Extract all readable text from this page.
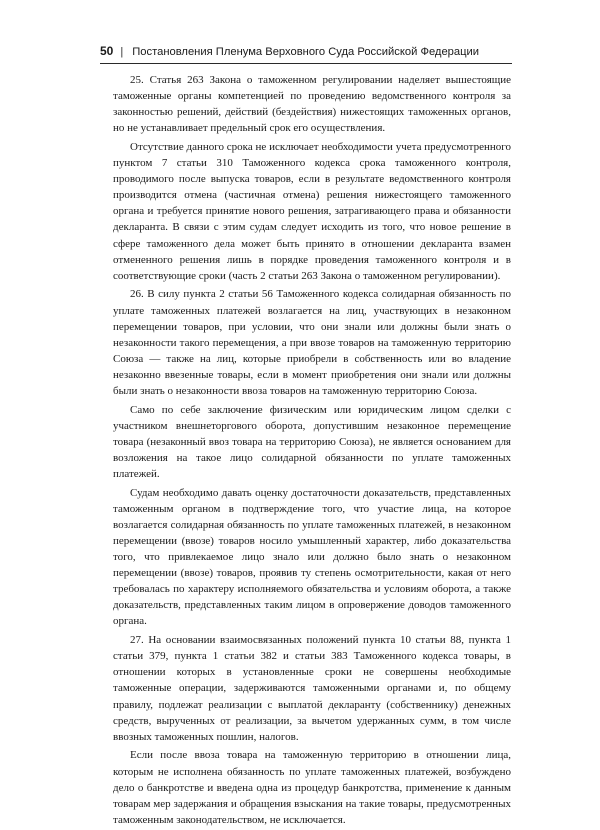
50 | Постановления Пленума Верховного Суда Российской Федерации

25. Статья 263 Закона о таможенном регулировании наделяет вышестоящие таможенные органы компетенцией по проведению ведомственного контроля за законностью решений, действий (бездействия) нижестоящих таможенных органов, но не устанавливает предельный срок его осуществления.

Отсутствие данного срока не исключает необходимости учета предусмотренного пунктом 7 статьи 310 Таможенного кодекса срока таможенного контроля, проводимого после выпуска товаров, если в результате ведомственного контроля производится отмена (частичная отмена) решения нижестоящего таможенного органа и требуется принятие нового решения, затрагивающего права и обязанности декларанта. В связи с этим судам следует исходить из того, что новое решение в сфере таможенного дела может быть принято в отношении декларанта взамен отмененного решения лишь в порядке проведения таможенного контроля и в соответствующие сроки (часть 2 статьи 263 Закона о таможенном регулировании).

26. В силу пункта 2 статьи 56 Таможенного кодекса солидарная обязанность по уплате таможенных платежей возлагается на лиц, участвующих в незаконном перемещении товаров, при условии, что они знали или должны были знать о незаконности такого перемещения, а при ввозе товаров на таможенную территорию Союза — также на лиц, которые приобрели в собственность или во владение незаконно ввезенные товары, если в момент приобретения они знали или должны были знать о незаконности ввоза товаров на таможенную территорию Союза.

Само по себе заключение физическим или юридическим лицом сделки с участником внешнеторгового оборота, допустившим незаконное перемещение товара (незаконный ввоз товара на территорию Союза), не является основанием для возложения на такое лицо солидарной обязанности по уплате таможенных платежей.

Судам необходимо давать оценку достаточности доказательств, представленных таможенным органом в подтверждение того, что участие лица, на которое возлагается солидарная обязанность по уплате таможенных платежей, в незаконном перемещении (ввозе) товаров носило умышленный характер, либо доказательства того, что привлекаемое лицо знало или должно было знать о незаконном перемещении (ввозе) товаров, проявив ту степень осмотрительности, какая от него требовалась по характеру исполняемого обязательства и условиям оборота, а также доказательств, представленных таким лицом в опровержение доводов таможенного органа.

27. На основании взаимосвязанных положений пункта 10 статьи 88, пункта 1 статьи 379, пункта 1 статьи 382 и статьи 383 Таможенного кодекса товары, в отношении которых в установленные сроки не совершены необходимые таможенные операции, задерживаются таможенными органами и, по общему правилу, подлежат реализации с выплатой декларанту (собственнику) денежных средств, вырученных от реализации, за вычетом удержанных сумм, в том числе ввозных таможенных пошлин, налогов.

Если после ввоза товара на таможенную территорию в отношении лица, которым не исполнена обязанность по уплате таможенных платежей, возбуждено дело о банкротстве и введена одна из процедур банкротства, применение к данным товарам мер задержания и обращения взыскания на такие товары, предусмотренных таможенным законодательством, не исключается.
